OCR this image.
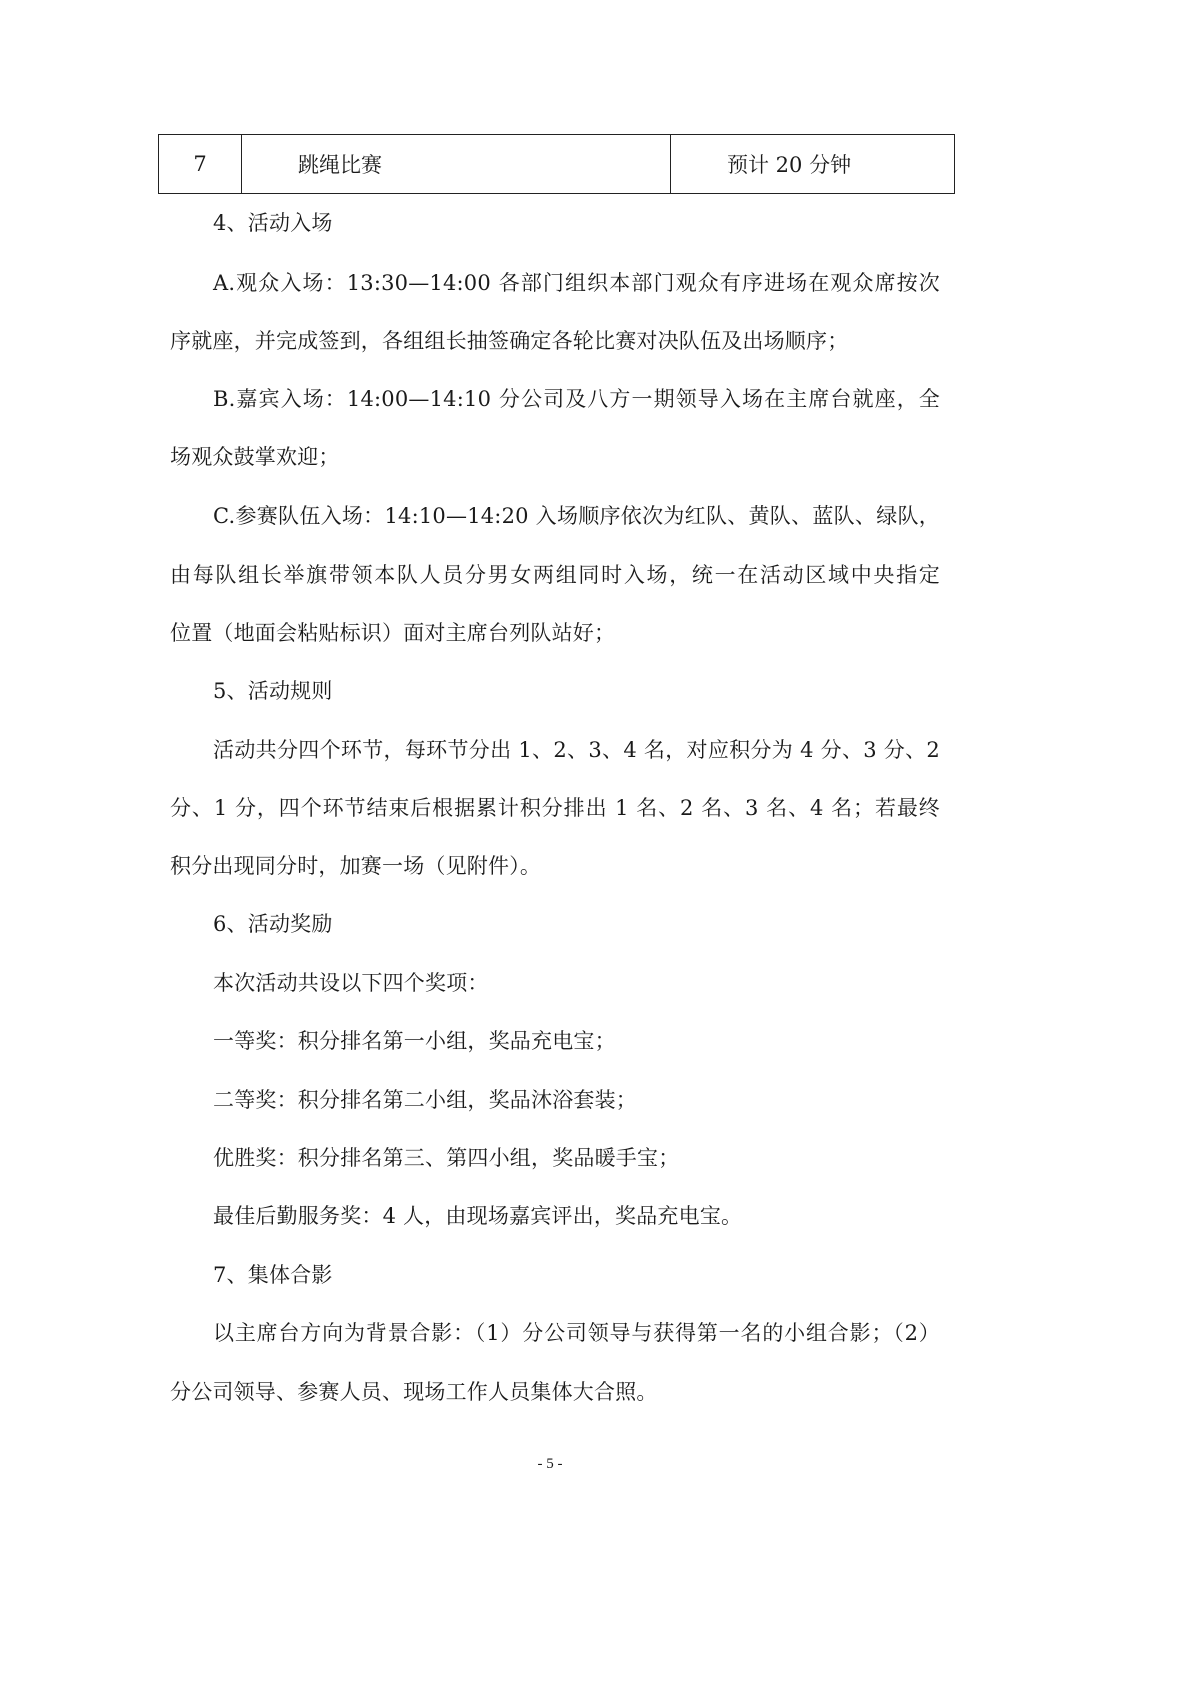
7	跳绳比赛	预计 20 分钟
4、活动入场
A.观众入场：13:30—14:00 各部门组织本部门观众有序进场在观众席按次
序就座，并完成签到，各组组长抽签确定各轮比赛对决队伍及出场顺序；
B.嘉宾入场：14:00—14:10 分公司及八方一期领导入场在主席台就座，全
场观众鼓掌欢迎；
C.参赛队伍入场：14:10—14:20 入场顺序依次为红队、黄队、蓝队、绿队，
由每队组长举旗带领本队人员分男女两组同时入场，统一在活动区域中央指定
位置（地面会粘贴标识）面对主席台列队站好；
5、活动规则
活动共分四个环节，每环节分出 1、2、3、4 名，对应积分为 4 分、3 分、2
分、1 分，四个环节结束后根据累计积分排出 1 名、2 名、3 名、4 名；若最终
积分出现同分时，加赛一场（见附件）。
6、活动奖励
本次活动共设以下四个奖项：
一等奖：积分排名第一小组，奖品充电宝；
二等奖：积分排名第二小组，奖品沐浴套装；
优胜奖：积分排名第三、第四小组，奖品暖手宝；
最佳后勤服务奖：4 人，由现场嘉宾评出，奖品充电宝。
7、集体合影
以主席台方向为背景合影：（1）分公司领导与获得第一名的小组合影；（2）
分公司领导、参赛人员、现场工作人员集体大合照。
- 5 -
